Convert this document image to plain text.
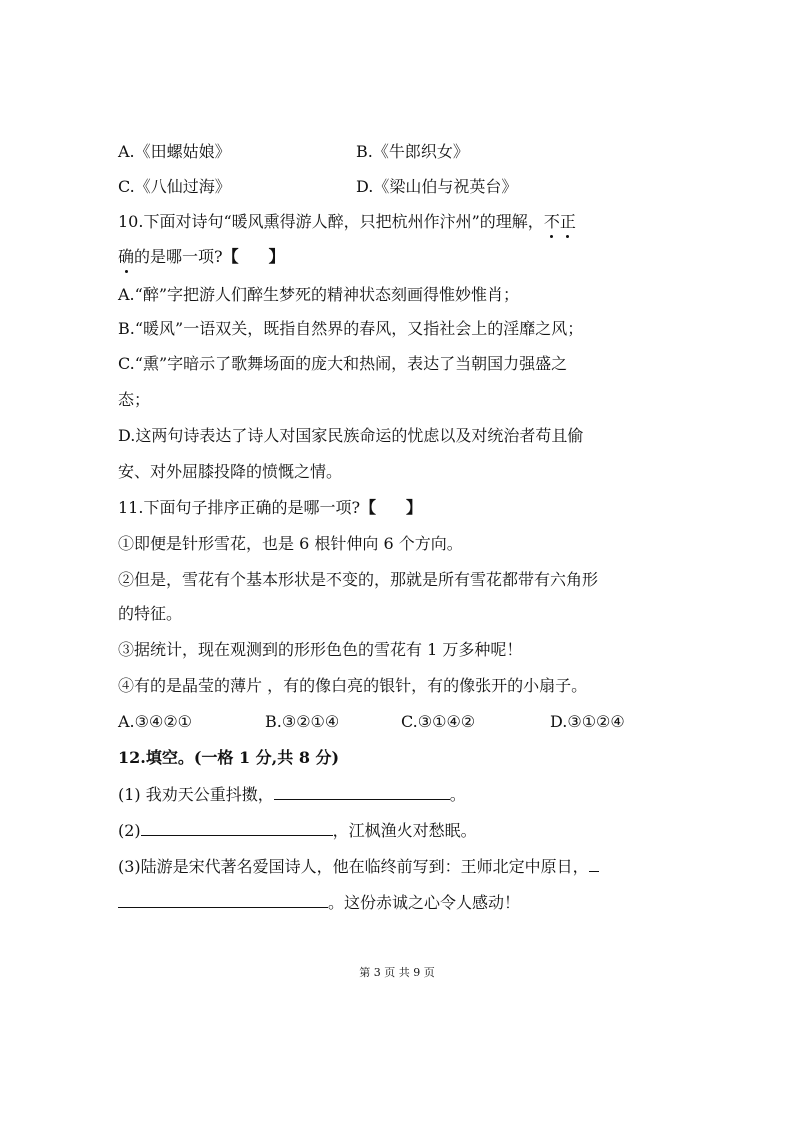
A.《田螺姑娘》	B.《牛郎织女》
C.《八仙过海》	D.《梁山伯与祝英台》
10.下面对诗句“暖风熏得游人醉，只把杭州作汴州”的理解，不正
确的是哪一项?【 】
A.“醉”字把游人们醉生梦死的精神状态刻画得惟妙惟肖；
B.“暖风”一语双关，既指自然界的春风，又指社会上的淫靡之风；
C.“熏”字暗示了歌舞场面的庞大和热闹，表达了当朝国力强盛之
态；
D.这两句诗表达了诗人对国家民族命运的忧虑以及对统治者苟且偷
安、对外屈膝投降的愤慨之情。
11.下面句子排序正确的是哪一项?【 】
①即便是针形雪花，也是 6 根针伸向 6 个方向。
②但是，雪花有个基本形状是不变的，那就是所有雪花都带有六角形
的特征。
③据统计，现在观测到的形形色色的雪花有 1 万多种呢！
④有的是晶莹的薄片 ，有的像白亮的银针，有的像张开的小扇子。
A.③④②①	B.③②①④	C.③①④②	D.③①②④
12.填空。(一格 1 分,共 8 分)
(1) 我劝天公重抖擞，	。
(2)	，江枫渔火对愁眠。
(3)陆游是宋代著名爱国诗人，他在临终前写到：王师北定中原日，
。这份赤诚之心令人感动！
第 3 页 共 9 页
